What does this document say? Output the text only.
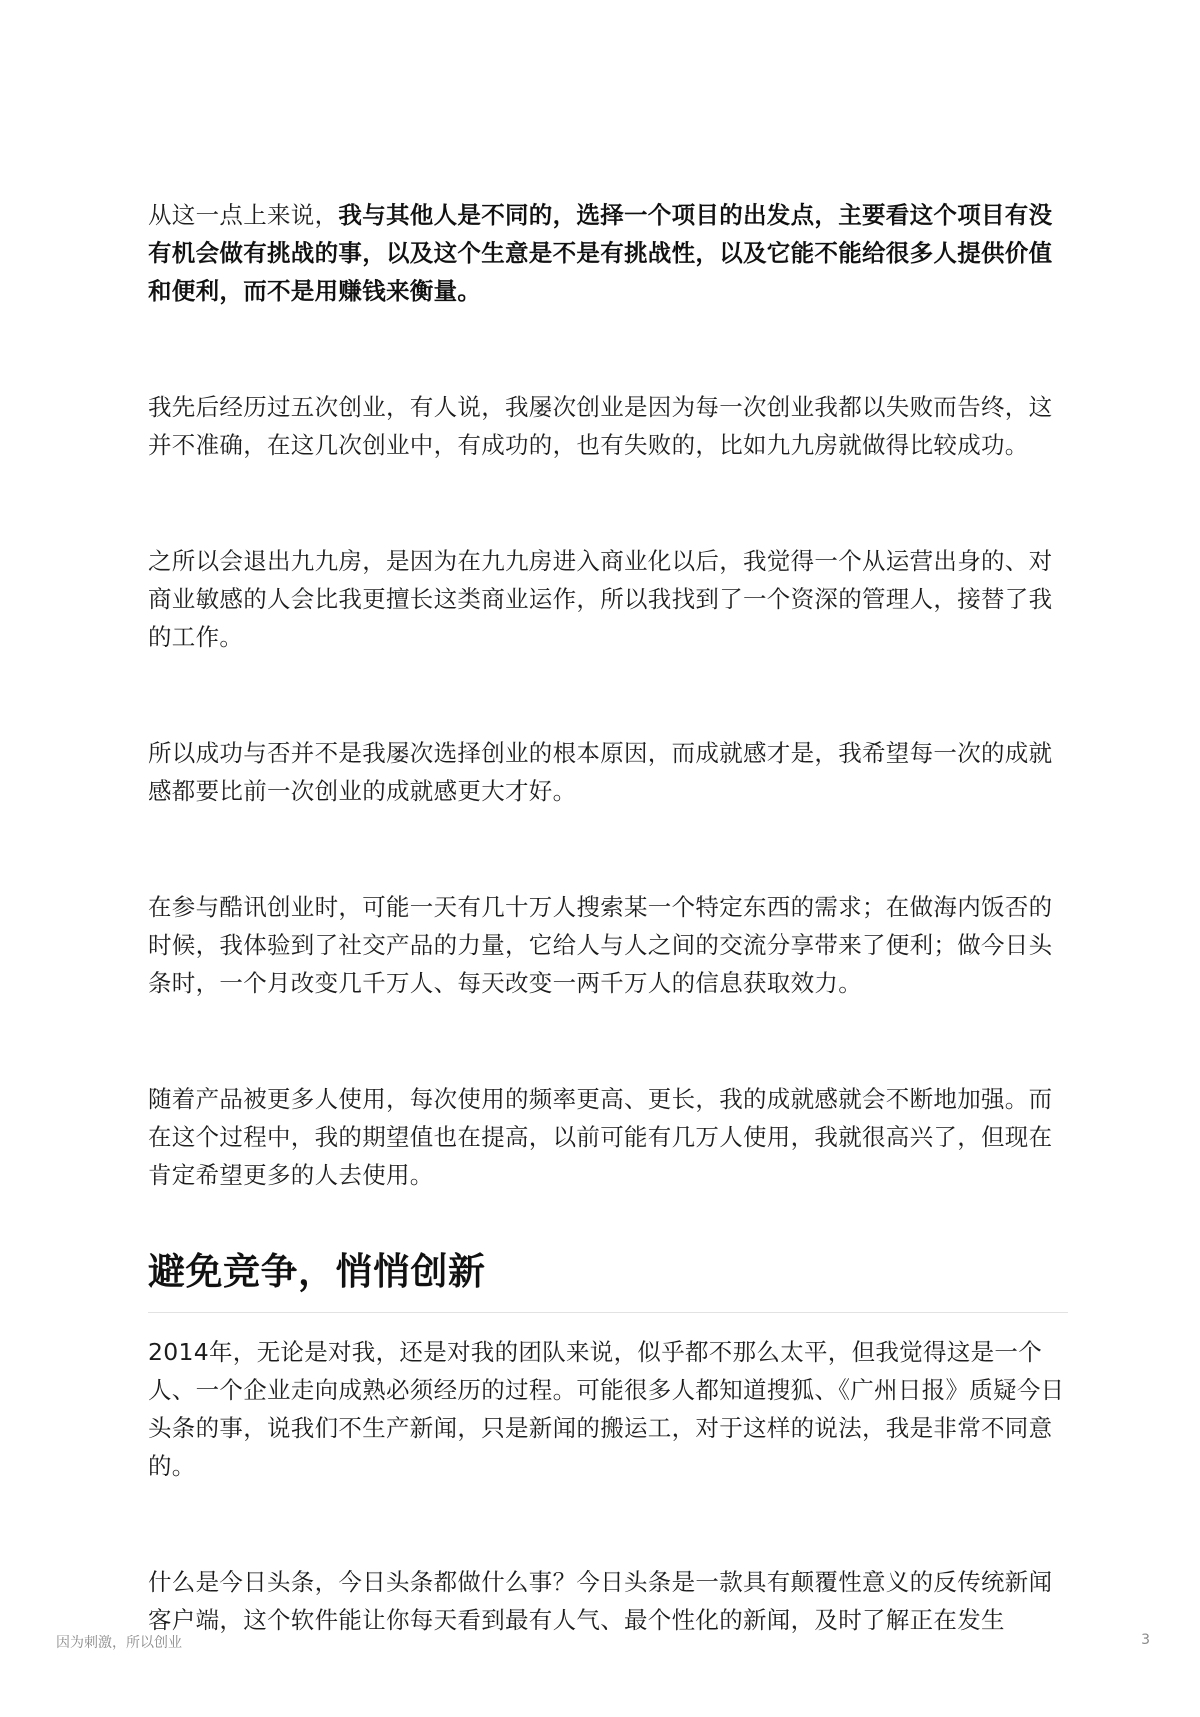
从这一点上来说，我与其他人是不同的，选择一个项目的出发点，主要看这个项目有没有机会做有挑战的事，以及这个生意是不是有挑战性，以及它能不能给很多人提供价值和便利，而不是用赚钱来衡量。

我先后经历过五次创业，有人说，我屡次创业是因为每一次创业我都以失败而告终，这并不准确，在这几次创业中，有成功的，也有失败的，比如九九房就做得比较成功。

之所以会退出九九房，是因为在九九房进入商业化以后，我觉得一个从运营出身的、对商业敏感的人会比我更擅长这类商业运作，所以我找到了一个资深的管理人，接替了我的工作。

所以成功与否并不是我屡次选择创业的根本原因，而成就感才是，我希望每一次的成就感都要比前一次创业的成就感更大才好。

在参与酷讯创业时，可能一天有几十万人搜索某一个特定东西的需求；在做海内饭否的时候，我体验到了社交产品的力量，它给人与人之间的交流分享带来了便利；做今日头条时，一个月改变几千万人、每天改变一两千万人的信息获取效力。

随着产品被更多人使用，每次使用的频率更高、更长，我的成就感就会不断地加强。而在这个过程中，我的期望值也在提高，以前可能有几万人使用，我就很高兴了，但现在肯定希望更多的人去使用。

避免竞争，悄悄创新

2014年，无论是对我，还是对我的团队来说，似乎都不那么太平，但我觉得这是一个人、一个企业走向成熟必须经历的过程。可能很多人都知道搜狐、《广州日报》质疑今日头条的事，说我们不生产新闻，只是新闻的搬运工，对于这样的说法，我是非常不同意的。

什么是今日头条，今日头条都做什么事？今日头条是一款具有颠覆性意义的反传统新闻客户端，这个软件能让你每天看到最有人气、最个性化的新闻，及时了解正在发生

因为刺激，所以创业	3
